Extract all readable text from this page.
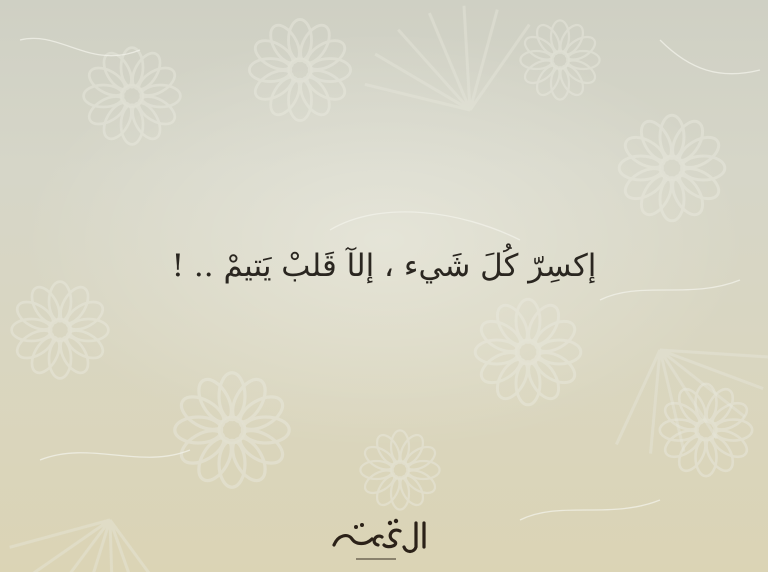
إكسِرّ كُلَ شَيء ، إلآ قَلبْ يَتيمْ .. !
